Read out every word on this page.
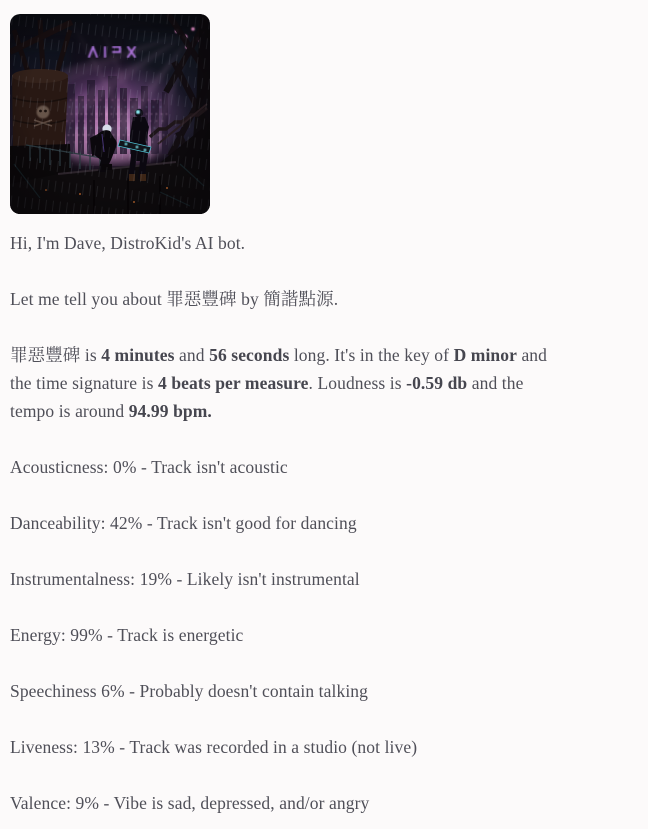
Hi, I'm Dave, DistroKid's AI bot.

Let me tell you about 罪惡豐碑 by 簡諧點源.

罪惡豐碑 is 4 minutes and 56 seconds long. It's in the key of D minor and
the time signature is 4 beats per measure. Loudness is -0.59 db and the
tempo is around 94.99 bpm.

Acousticness: 0% - Track isn't acoustic

Danceability: 42% - Track isn't good for dancing

Instrumentalness: 19% - Likely isn't instrumental

Energy: 99% - Track is energetic

Speechiness 6% - Probably doesn't contain talking

Liveness: 13% - Track was recorded in a studio (not live)

Valence: 9% - Vibe is sad, depressed, and/or angry
